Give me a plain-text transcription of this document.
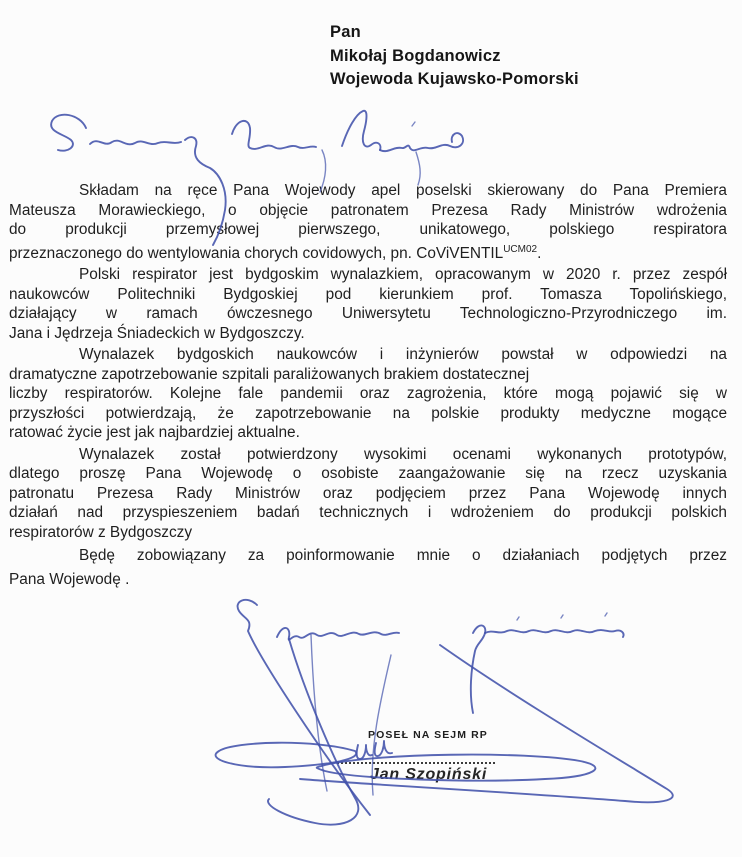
Pan
Mikołaj Bogdanowicz
Wojewoda Kujawsko-Pomorski
Składam na ręce Pana Wojewody apel poselski skierowany do Pana Premiera
Mateusza Morawieckiego, o objęcie patronatem Prezesa Rady Ministrów wdrożenia
do produkcji przemysłowej pierwszego, unikatowego, polskiego respiratora
przeznaczonego do wentylowania chorych covidowych, pn. CoViVENTIL$^{UCM02}$.
Polski respirator jest bydgoskim wynalazkiem, opracowanym w 2020 r. przez zespół
naukowców Politechniki Bydgoskiej pod kierunkiem prof. Tomasza Topolińskiego,
działający w ramach ówczesnego Uniwersytetu Technologiczno-Przyrodniczego im.
Jana i Jędrzeja Śniadeckich w Bydgoszczy.
Wynalazek bydgoskich naukowców i inżynierów powstał w odpowiedzi na
dramatyczne zapotrzebowanie szpitali paraliżowanych brakiem dostatecznej
liczby respiratorów. Kolejne fale pandemii oraz zagrożenia, które mogą pojawić się w
przyszłości potwierdzają, że zapotrzebowanie na polskie produkty medyczne mogące
ratować życie jest jak najbardziej aktualne.
Wynalazek został potwierdzony wysokimi ocenami wykonanych prototypów,
dlatego proszę Pana Wojewodę o osobiste zaangażowanie się na rzecz uzyskania
patronatu Prezesa Rady Ministrów oraz podjęciem przez Pana Wojewodę innych
działań nad przyspieszeniem badań technicznych i wdrożeniem do produkcji polskich
respiratorów z Bydgoszczy
Będę zobowiązany za poinformowanie mnie o działaniach podjętych przez
Pana Wojewodę .
POSEŁ NA SEJM RP
Jan Szopiński
